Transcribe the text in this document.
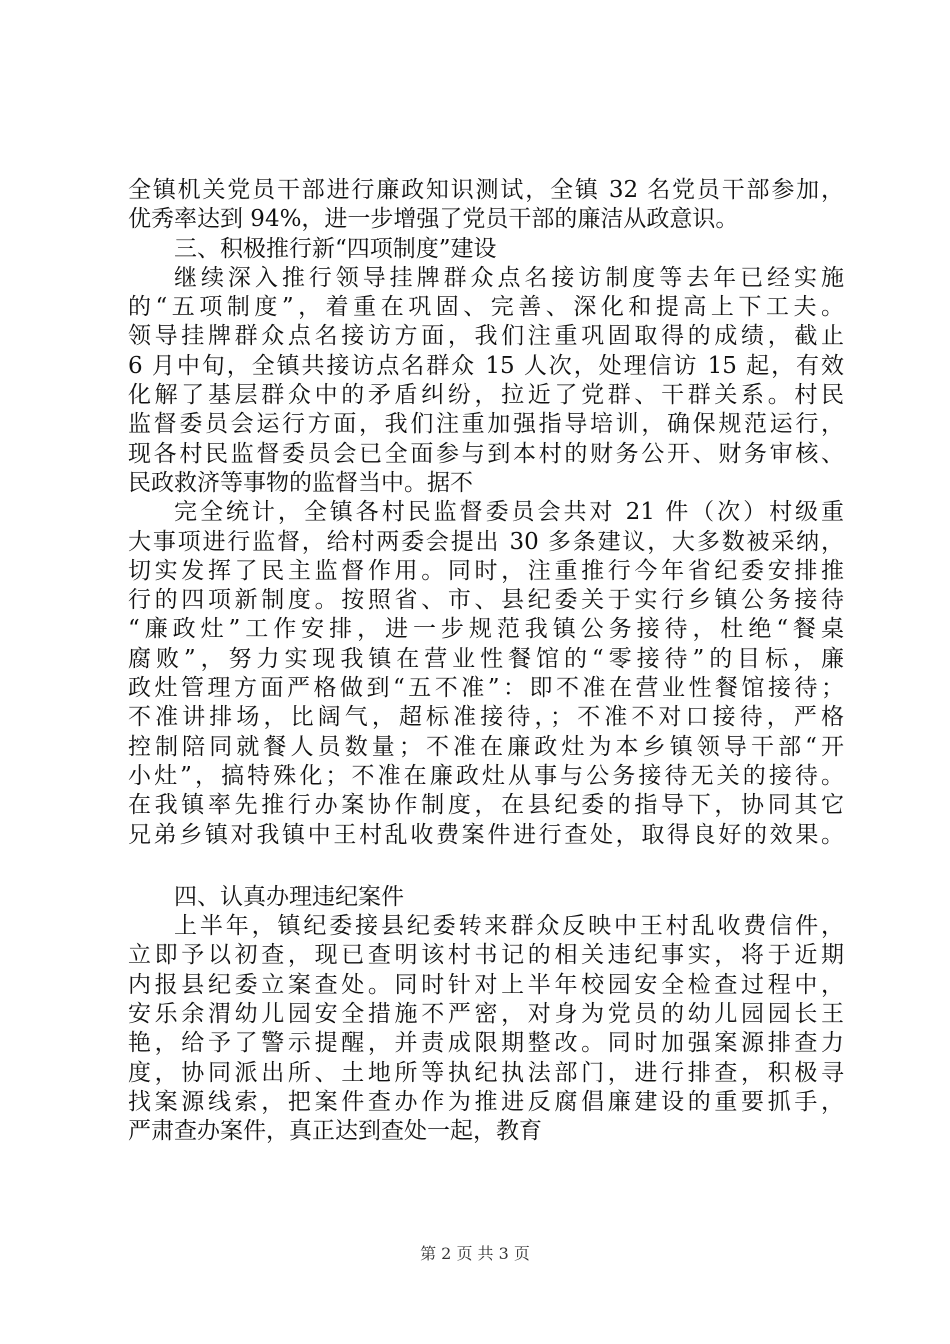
全镇机关党员干部进行廉政知识测试，全镇 32 名党员干部参加，
优秀率达到 94%，进一步增强了党员干部的廉洁从政意识。
三、积极推行新“四项制度”建设
继续深入推行领导挂牌群众点名接访制度等去年已经实施
的“五项制度”，着重在巩固、完善、深化和提高上下工夫。
领导挂牌群众点名接访方面，我们注重巩固取得的成绩，截止
6 月中旬，全镇共接访点名群众 15 人次，处理信访 15 起，有效
化解了基层群众中的矛盾纠纷，拉近了党群、干群关系。村民
监督委员会运行方面，我们注重加强指导培训，确保规范运行，
现各村民监督委员会已全面参与到本村的财务公开、财务审核、
民政救济等事物的监督当中。据不
完全统计，全镇各村民监督委员会共对 21 件（次）村级重
大事项进行监督，给村两委会提出 30 多条建议，大多数被采纳，
切实发挥了民主监督作用。同时，注重推行今年省纪委安排推
行的四项新制度。按照省、市、县纪委关于实行乡镇公务接待
“廉政灶”工作安排，进一步规范我镇公务接待，杜绝“餐桌
腐败”，努力实现我镇在营业性餐馆的“零接待”的目标，廉
政灶管理方面严格做到“五不准”：即不准在营业性餐馆接待；
不准讲排场，比阔气，超标准接待，；不准不对口接待，严格
控制陪同就餐人员数量；不准在廉政灶为本乡镇领导干部“开
小灶”，搞特殊化；不准在廉政灶从事与公务接待无关的接待。
在我镇率先推行办案协作制度，在县纪委的指导下，协同其它
兄弟乡镇对我镇中王村乱收费案件进行查处，取得良好的效果。
四、认真办理违纪案件
上半年，镇纪委接县纪委转来群众反映中王村乱收费信件，
立即予以初查，现已查明该村书记的相关违纪事实，将于近期
内报县纪委立案查处。同时针对上半年校园安全检查过程中，
安乐余渭幼儿园安全措施不严密，对身为党员的幼儿园园长王
艳，给予了警示提醒，并责成限期整改。同时加强案源排查力
度，协同派出所、土地所等执纪执法部门，进行排查，积极寻
找案源线索，把案件查办作为推进反腐倡廉建设的重要抓手，
严肃查办案件，真正达到查处一起，教育
第 2 页 共 3 页
